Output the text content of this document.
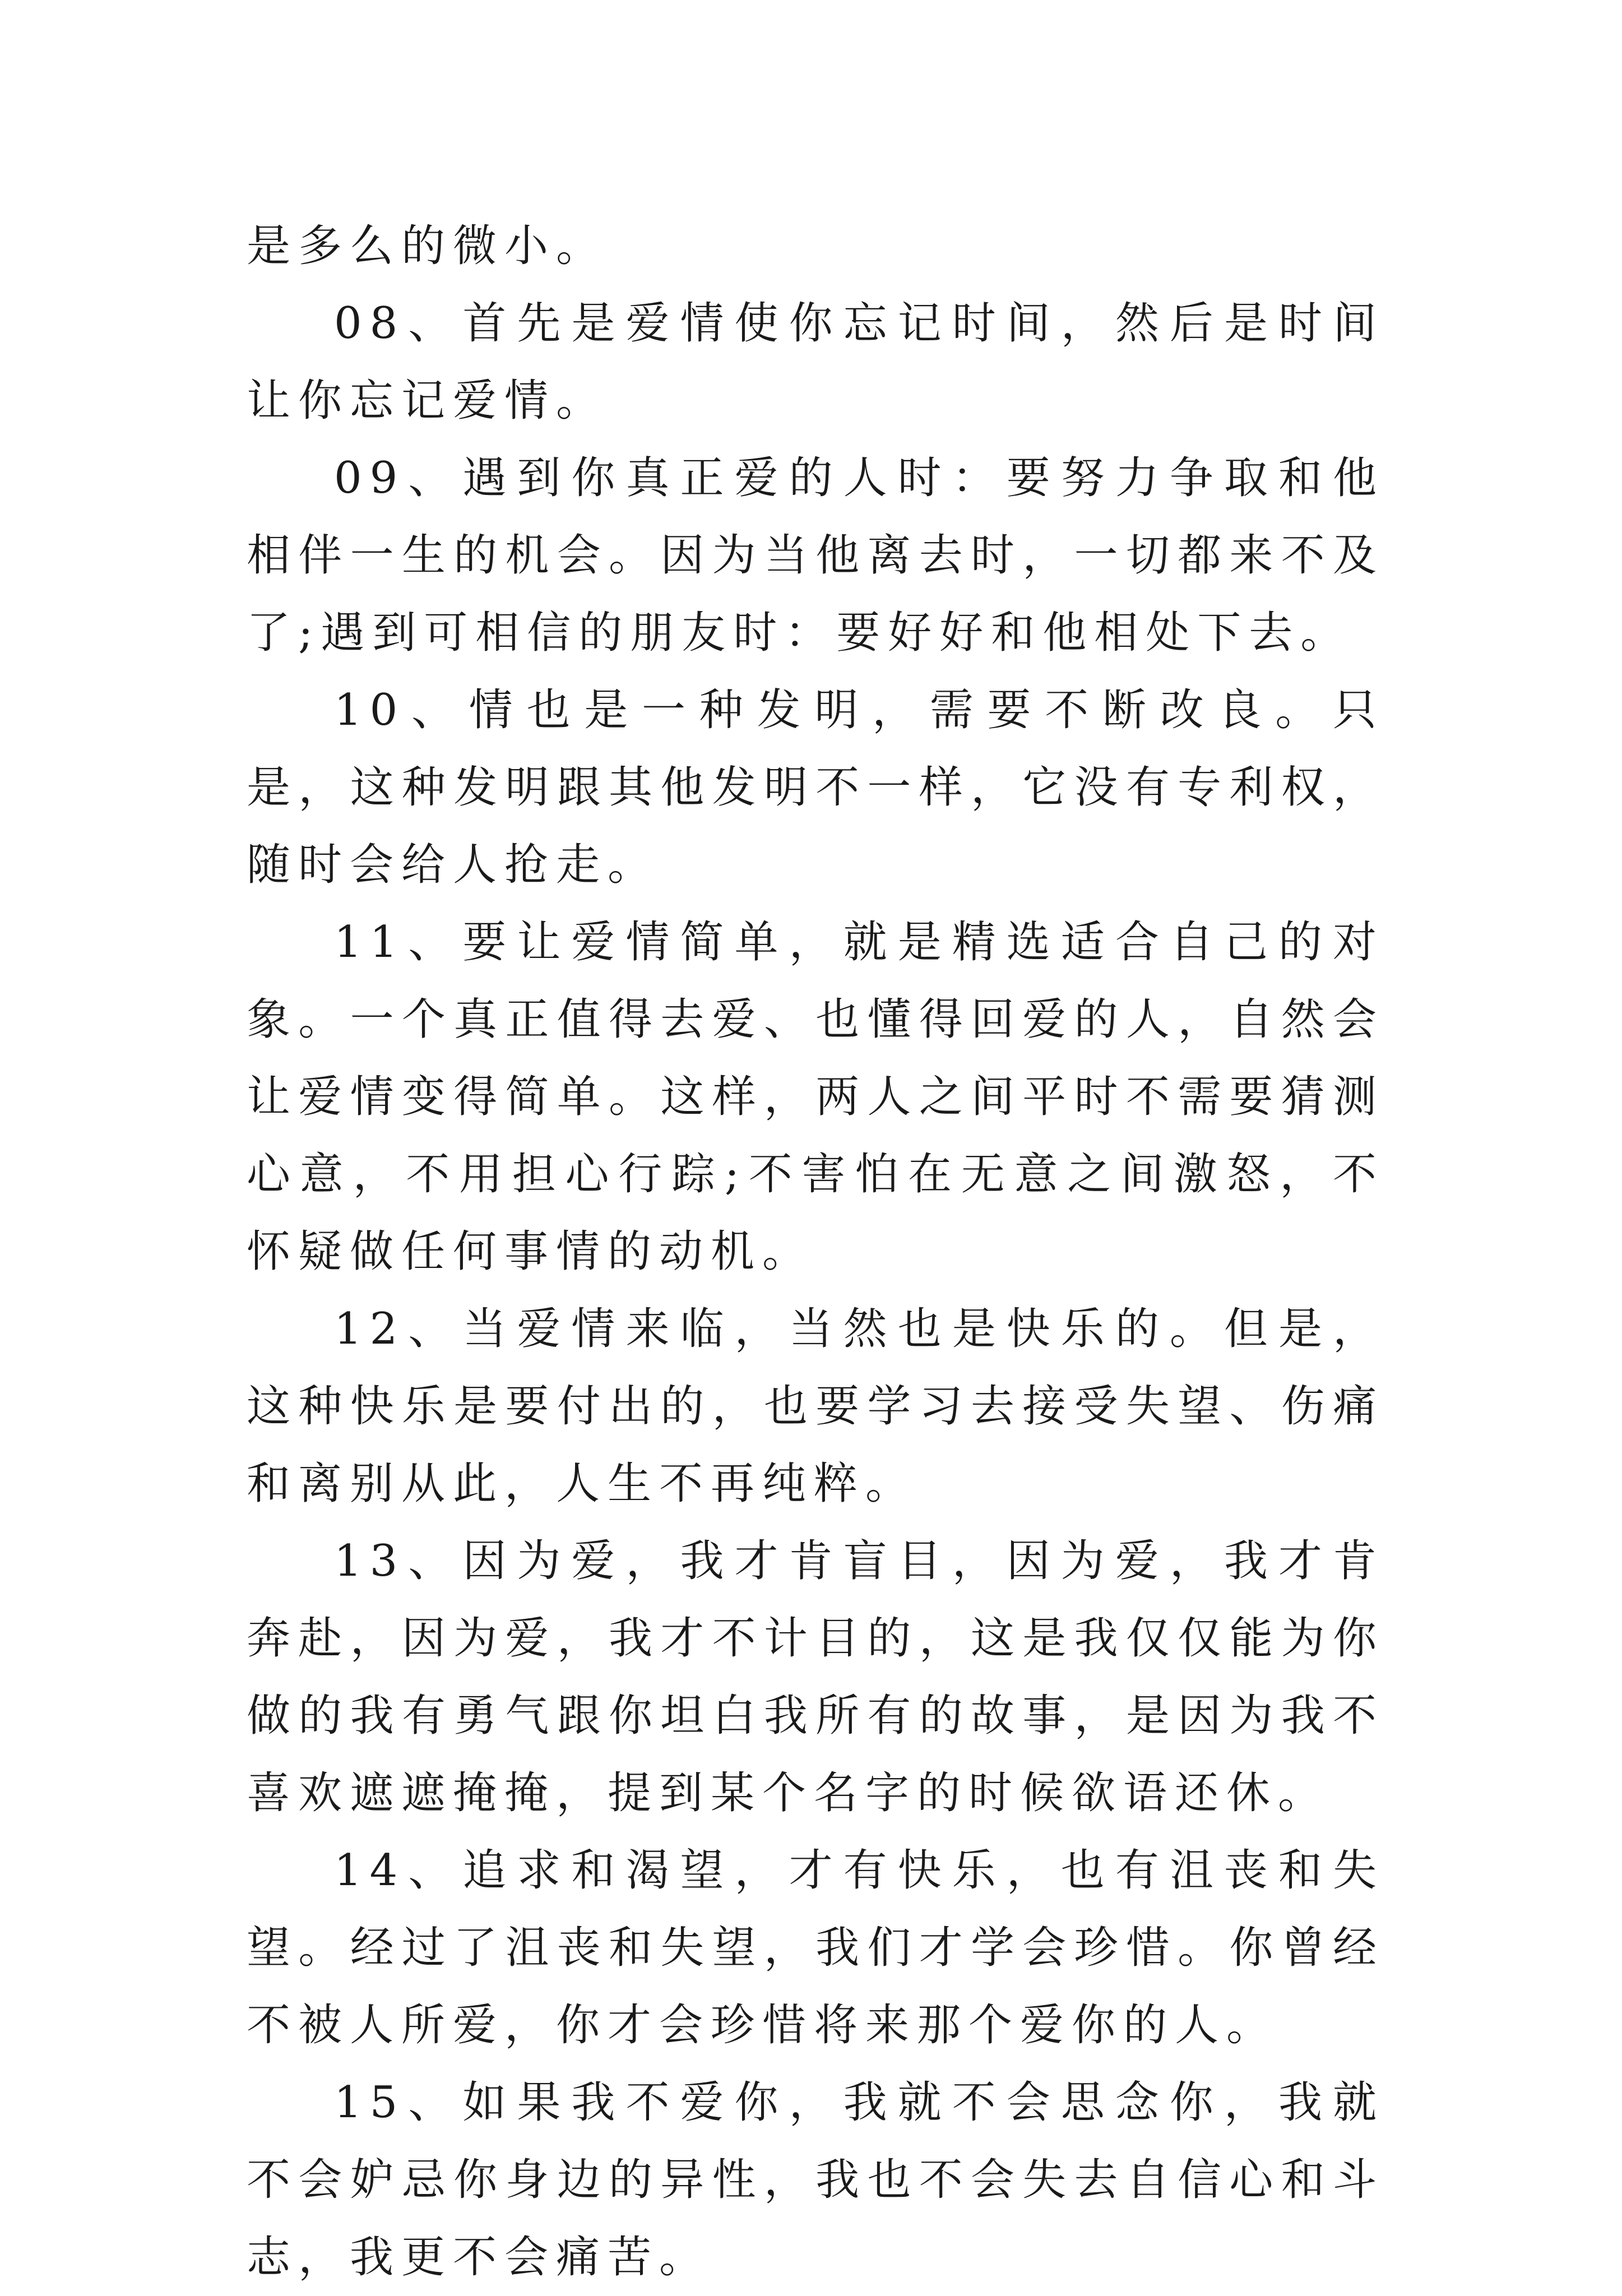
是多么的微小。

08、首先是爱情使你忘记时间，然后是时间让你忘记爱情。

09、遇到你真正爱的人时：要努力争取和他相伴一生的机会。因为当他离去时，一切都来不及了;遇到可相信的朋友时：要好好和他相处下去。

10、情也是一种发明，需要不断改良。只是，这种发明跟其他发明不一样，它没有专利权，随时会给人抢走。

11、要让爱情简单，就是精选适合自己的对象。一个真正值得去爱、也懂得回爱的人，自然会让爱情变得简单。这样，两人之间平时不需要猜测心意，不用担心行踪;不害怕在无意之间激怒，不怀疑做任何事情的动机。

12、当爱情来临，当然也是快乐的。但是，这种快乐是要付出的，也要学习去接受失望、伤痛和离别从此，人生不再纯粹。

13、因为爱，我才肯盲目，因为爱，我才肯奔赴，因为爱，我才不计目的，这是我仅仅能为你做的我有勇气跟你坦白我所有的故事，是因为我不喜欢遮遮掩掩，提到某个名字的时候欲语还休。

14、追求和渴望，才有快乐，也有沮丧和失望。经过了沮丧和失望，我们才学会珍惜。你曾经不被人所爱，你才会珍惜将来那个爱你的人。

15、如果我不爱你，我就不会思念你，我就不会妒忌你身边的异性，我也不会失去自信心和斗志，我更不会痛苦。
